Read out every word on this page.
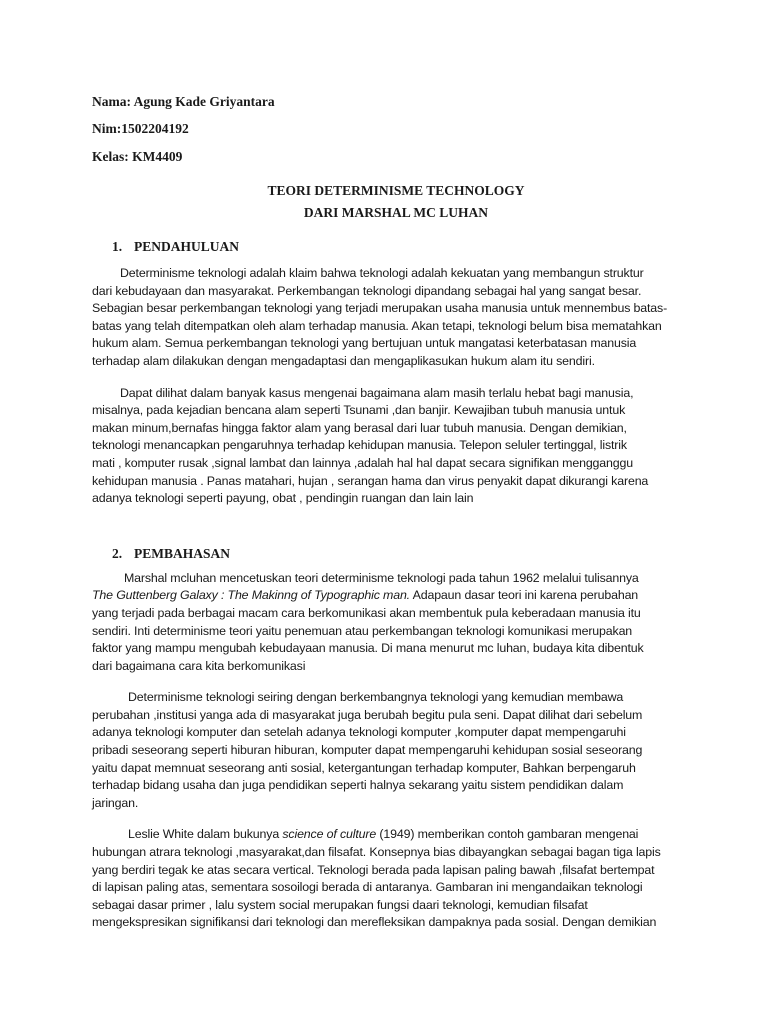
Nama: Agung Kade Griyantara

Nim:1502204192

Kelas: KM4409

TEORI DETERMINISME TECHNOLOGY

DARI MARSHAL MC LUHAN

1. PENDAHULUAN
Determinisme teknologi adalah klaim bahwa teknologi adalah kekuatan yang membangun struktur
dari kebudayaan dan masyarakat. Perkembangan teknologi dipandang sebagai hal yang sangat besar.
Sebagian besar perkembangan teknologi yang terjadi merupakan usaha manusia untuk mennembus batas-
batas yang telah ditempatkan oleh alam terhadap manusia. Akan tetapi, teknologi belum bisa mematahkan
hukum alam. Semua perkembangan teknologi yang bertujuan untuk mangatasi keterbatasan manusia
terhadap alam dilakukan dengan mengadaptasi dan mengaplikasukan hukum alam itu sendiri.
Dapat dilihat dalam banyak kasus mengenai bagaimana alam masih terlalu hebat bagi manusia,
misalnya, pada kejadian bencana alam seperti Tsunami ,dan banjir. Kewajiban tubuh manusia untuk
makan minum,bernafas hingga faktor alam yang berasal dari luar tubuh manusia. Dengan demikian,
teknologi menancapkan pengaruhnya terhadap kehidupan manusia. Telepon seluler tertinggal, listrik
mati , komputer rusak ,signal lambat dan lainnya ,adalah hal hal dapat secara signifikan mengganggu
kehidupan manusia . Panas matahari, hujan , serangan hama dan virus penyakit dapat dikurangi karena
adanya teknologi seperti payung, obat , pendingin ruangan dan lain lain
2. PEMBAHASAN
Marshal mcluhan mencetuskan teori determinisme teknologi pada tahun 1962 melalui tulisannya
The Guttenberg Galaxy : The Makinng of Typographic man. Adapaun dasar teori ini karena perubahan
yang terjadi pada berbagai macam cara berkomunikasi akan membentuk pula keberadaan manusia itu
sendiri. Inti determinisme teori yaitu penemuan atau perkembangan teknologi komunikasi merupakan
faktor yang mampu mengubah kebudayaan manusia. Di mana menurut mc luhan, budaya kita dibentuk
dari bagaimana cara kita berkomunikasi
Determinisme teknologi seiring dengan berkembangnya teknologi yang kemudian membawa
perubahan ,institusi yanga ada di masyarakat juga berubah begitu pula seni. Dapat dilihat dari sebelum
adanya teknologi komputer dan setelah adanya teknologi komputer ,komputer dapat mempengaruhi
pribadi seseorang seperti hiburan hiburan, komputer dapat mempengaruhi kehidupan sosial seseorang
yaitu dapat memnuat seseorang anti sosial, ketergantungan terhadap komputer, Bahkan berpengaruh
terhadap bidang usaha dan juga pendidikan seperti halnya sekarang yaitu sistem pendidikan dalam
jaringan.
Leslie White dalam bukunya science of culture (1949) memberikan contoh gambaran mengenai
hubungan atrara teknologi ,masyarakat,dan filsafat. Konsepnya bias dibayangkan sebagai bagan tiga lapis
yang berdiri tegak ke atas secara vertical. Teknologi berada pada lapisan paling bawah ,filsafat bertempat
di lapisan paling atas, sementara sosoilogi berada di antaranya. Gambaran ini mengandaikan teknologi
sebagai dasar primer , lalu system social merupakan fungsi daari teknologi, kemudian filsafat
mengekspresikan signifikansi dari teknologi dan merefleksikan dampaknya pada sosial. Dengan demikian
